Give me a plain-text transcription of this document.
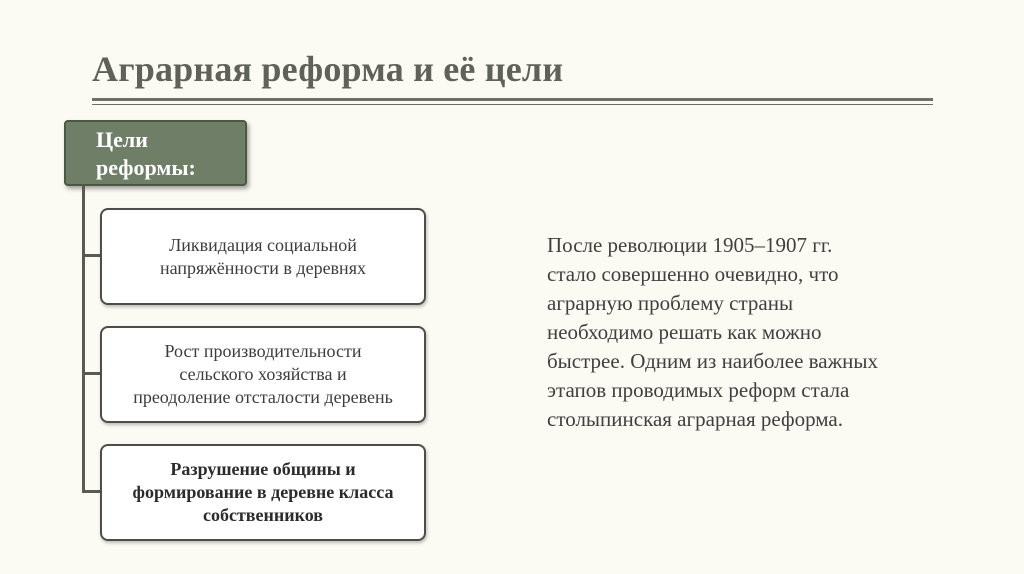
Аграрная реформа и её цели
Цели
реформы:
Ликвидация социальной
напряжённости в деревнях
Рост производительности
сельского хозяйства и
преодоление отсталости деревень
Разрушение общины и
формирование в деревне класса
собственников

После революции 1905–1907 гг.
стало совершенно очевидно, что
аграрную проблему страны
необходимо решать как можно
быстрее. Одним из наиболее важных
этапов проводимых реформ стала
столыпинская аграрная реформа.
